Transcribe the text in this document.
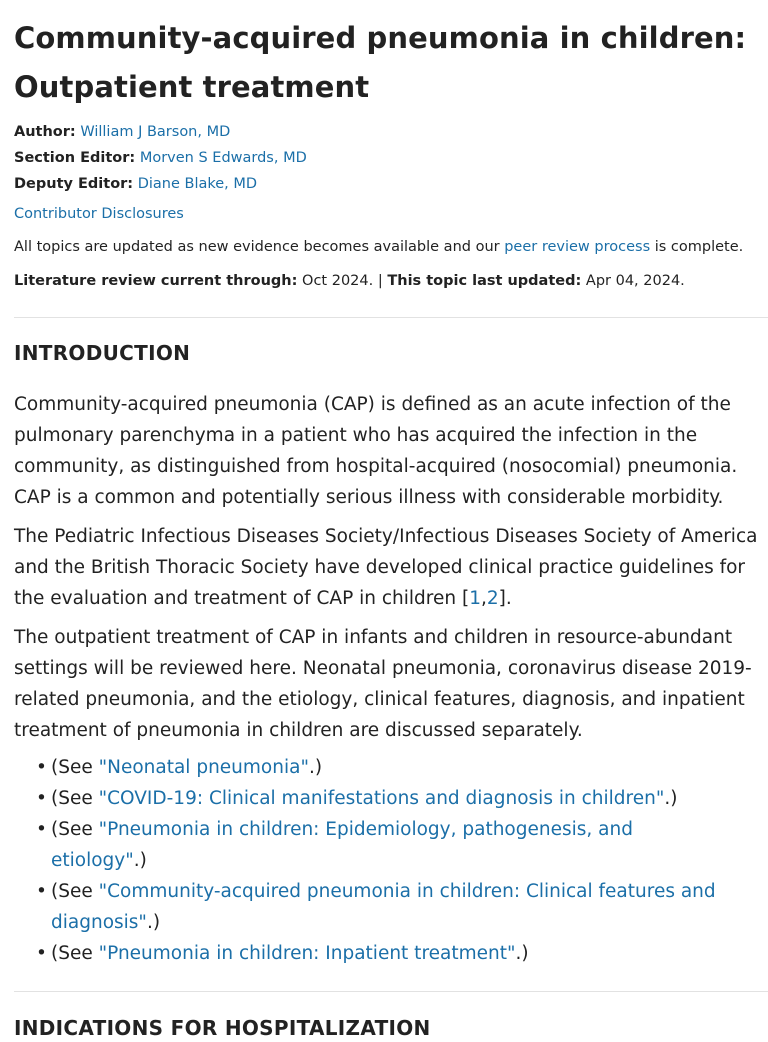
Community-acquired pneumonia in children: Outpatient treatment
Author: William J Barson, MD
Section Editor: Morven S Edwards, MD
Deputy Editor: Diane Blake, MD
Contributor Disclosures
All topics are updated as new evidence becomes available and our peer review process is complete.
Literature review current through: Oct 2024. | This topic last updated: Apr 04, 2024.
INTRODUCTION

Community-acquired pneumonia (CAP) is defined as an acute infection of the pulmonary parenchyma in a patient who has acquired the infection in the community, as distinguished from hospital-acquired (nosocomial) pneumonia. CAP is a common and potentially serious illness with considerable morbidity.

The Pediatric Infectious Diseases Society/Infectious Diseases Society of America and the British Thoracic Society have developed clinical practice guidelines for the evaluation and treatment of CAP in children [1,2].

The outpatient treatment of CAP in infants and children in resource-abundant settings will be reviewed here. Neonatal pneumonia, coronavirus disease 2019-related pneumonia, and the etiology, clinical features, diagnosis, and inpatient treatment of pneumonia in children are discussed separately.

• (See "Neonatal pneumonia".)
• (See "COVID-19: Clinical manifestations and diagnosis in children".)
• (See "Pneumonia in children: Epidemiology, pathogenesis, and etiology".)
• (See "Community-acquired pneumonia in children: Clinical features and diagnosis".)
• (See "Pneumonia in children: Inpatient treatment".)
INDICATIONS FOR HOSPITALIZATION
